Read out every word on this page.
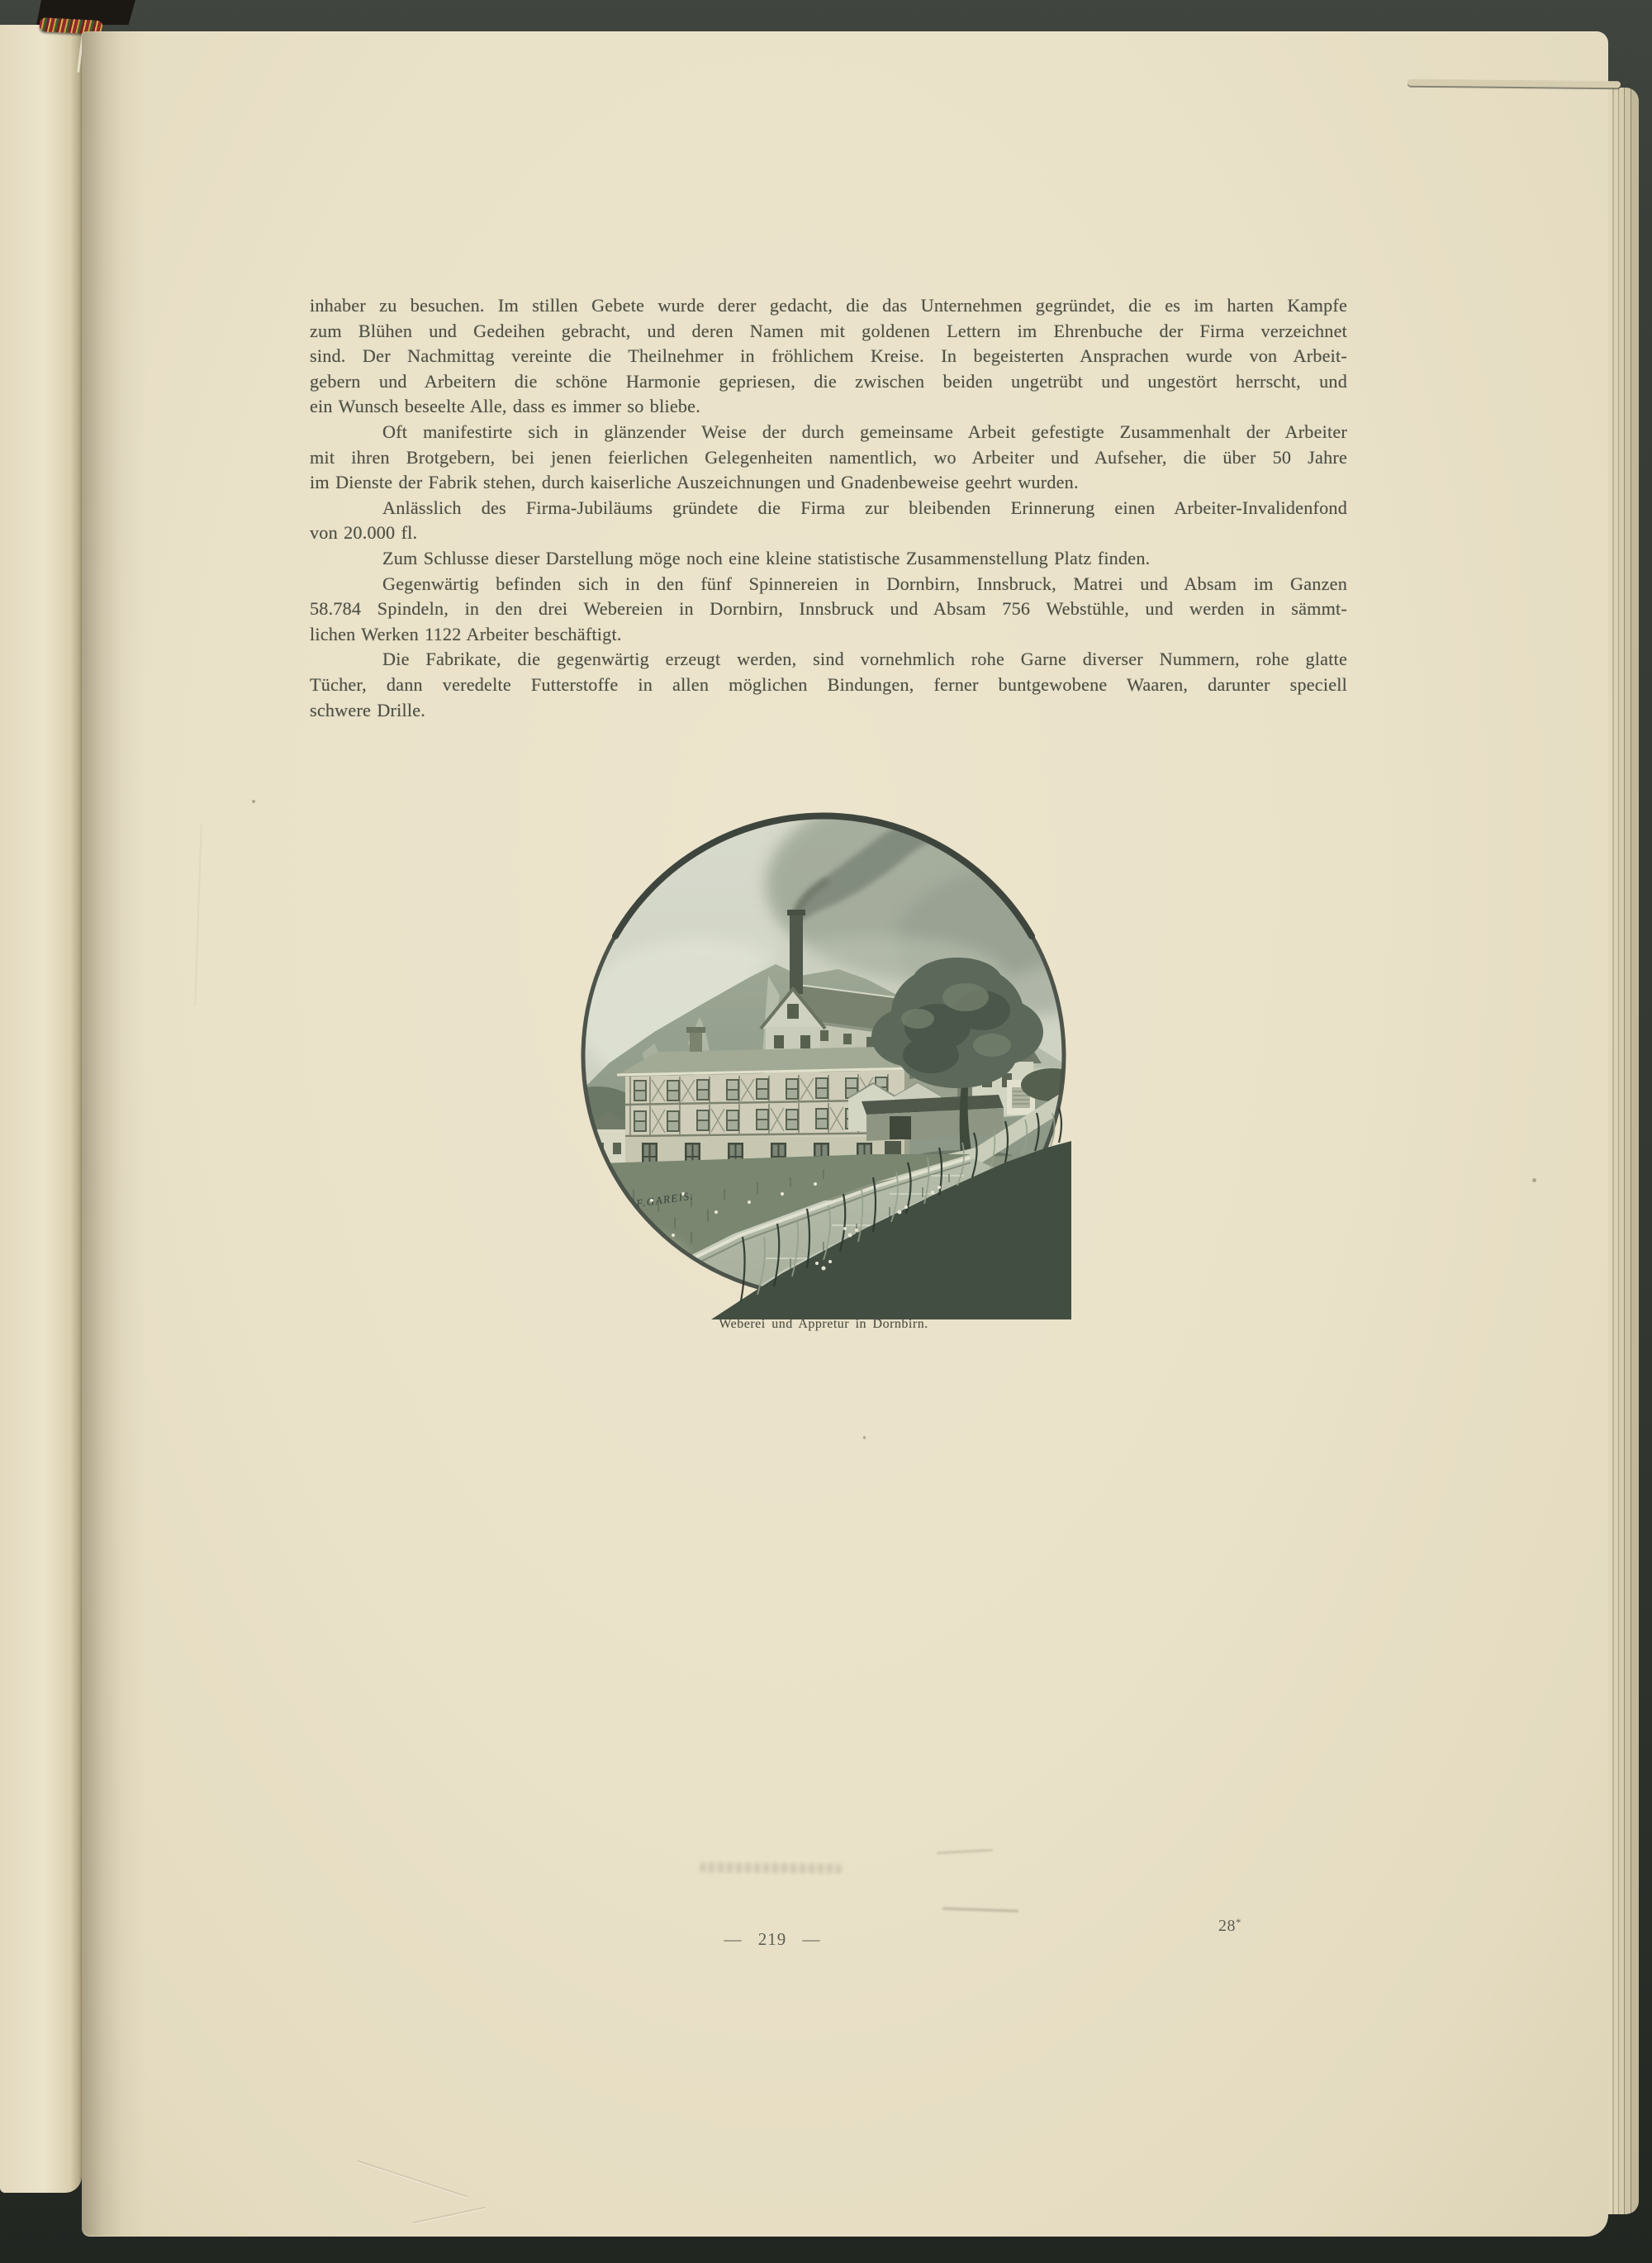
inhaber zu besuchen. Im stillen Gebete wurde derer gedacht, die das Unternehmen gegründet, die es im harten Kampfe
zum Blühen und Gedeihen gebracht, und deren Namen mit goldenen Lettern im Ehrenbuche der Firma verzeichnet
sind. Der Nachmittag vereinte die Theilnehmer in fröhlichem Kreise. In begeisterten Ansprachen wurde von Arbeit-
gebern und Arbeitern die schöne Harmonie gepriesen, die zwischen beiden ungetrübt und ungestört herrscht, und
ein Wunsch beseelte Alle, dass es immer so bliebe.
Oft manifestirte sich in glänzender Weise der durch gemeinsame Arbeit gefestigte Zusammenhalt der Arbeiter
mit ihren Brotgebern, bei jenen feierlichen Gelegenheiten namentlich, wo Arbeiter und Aufseher, die über 50 Jahre
im Dienste der Fabrik stehen, durch kaiserliche Auszeichnungen und Gnadenbeweise geehrt wurden.
Anlässlich des Firma-Jubiläums gründete die Firma zur bleibenden Erinnerung einen Arbeiter-Invalidenfond
von 20.000 fl.
Zum Schlusse dieser Darstellung möge noch eine kleine statistische Zusammenstellung Platz finden.
Gegenwärtig befinden sich in den fünf Spinnereien in Dornbirn, Innsbruck, Matrei und Absam im Ganzen
58.784 Spindeln, in den drei Webereien in Dornbirn, Innsbruck und Absam 756 Webstühle, und werden in sämmt-
lichen Werken 1122 Arbeiter beschäftigt.
Die Fabrikate, die gegenwärtig erzeugt werden, sind vornehmlich rohe Garne diverser Nummern, rohe glatte
Tücher, dann veredelte Futterstoffe in allen möglichen Bindungen, ferner buntgewobene Waaren, darunter speciell
schwere Drille.
F.GAREIS.
Weberei und Appretur in Dornbirn.
— 219 —
28*
